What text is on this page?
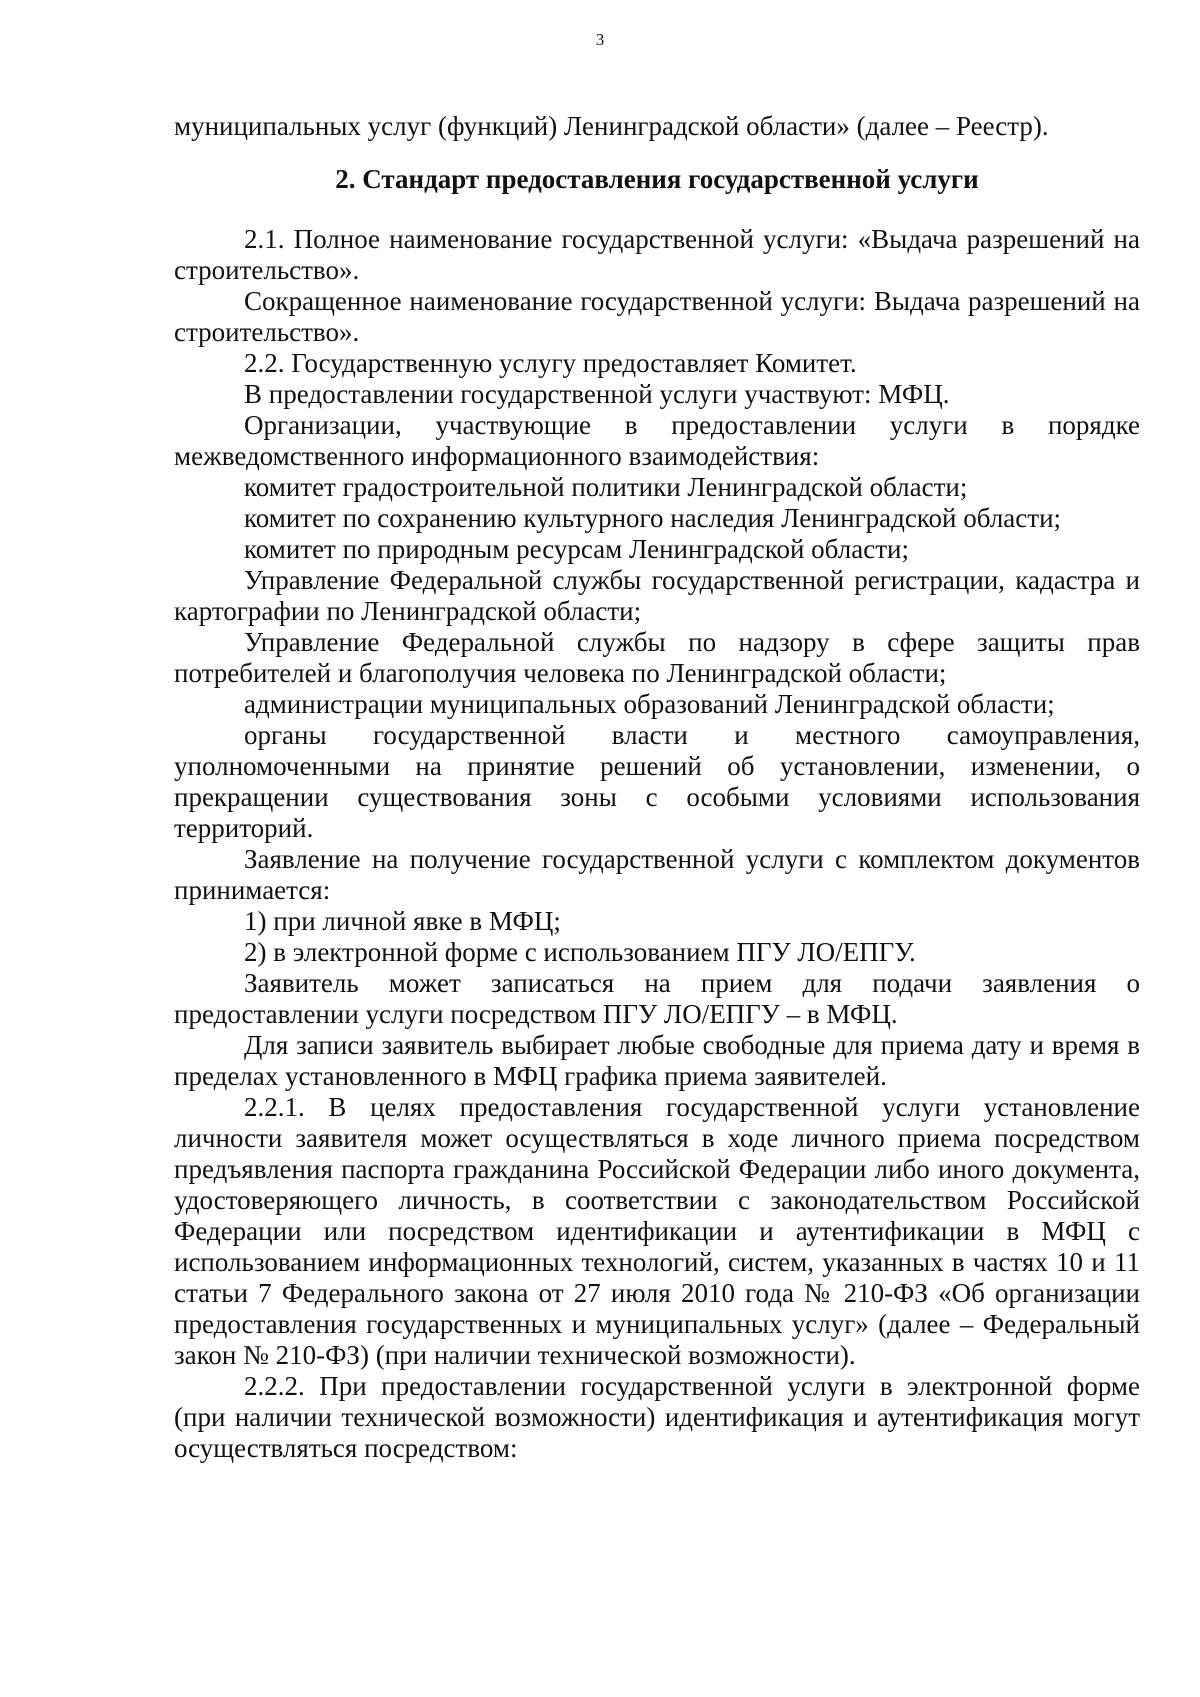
3

муниципальных услуг (функций) Ленинградской области» (далее – Реестр).

2. Стандарт предоставления государственной услуги

2.1. Полное наименование государственной услуги: «Выдача разрешений на строительство».

Сокращенное наименование государственной услуги: Выдача разрешений на строительство».

2.2. Государственную услугу предоставляет Комитет.

В предоставлении государственной услуги участвуют: МФЦ.

Организации, участвующие в предоставлении услуги в порядке межведомственного информационного взаимодействия:

комитет градостроительной политики Ленинградской области;

комитет по сохранению культурного наследия Ленинградской области;

комитет по природным ресурсам Ленинградской области;

Управление Федеральной службы государственной регистрации, кадастра и картографии по Ленинградской области;

Управление Федеральной службы по надзору в сфере защиты прав потребителей и благополучия человека по Ленинградской области;

администрации муниципальных образований Ленинградской области;

органы государственной власти и местного самоуправления, уполномоченными на принятие решений об установлении, изменении, о прекращении существования зоны с особыми условиями использования территорий.

Заявление на получение государственной услуги с комплектом документов принимается:

1) при личной явке в МФЦ;

2) в электронной форме с использованием ПГУ ЛО/ЕПГУ.

Заявитель может записаться на прием для подачи заявления о предоставлении услуги посредством ПГУ ЛО/ЕПГУ – в МФЦ.

Для записи заявитель выбирает любые свободные для приема дату и время в пределах установленного в МФЦ графика приема заявителей.

2.2.1. В целях предоставления государственной услуги установление личности заявителя может осуществляться в ходе личного приема посредством предъявления паспорта гражданина Российской Федерации либо иного документа, удостоверяющего личность, в соответствии с законодательством Российской Федерации или посредством идентификации и аутентификации в МФЦ с использованием информационных технологий, систем, указанных в частях 10 и 11 статьи 7 Федерального закона от 27 июля 2010 года № 210-ФЗ «Об организации предоставления государственных и муниципальных услуг» (далее – Федеральный закон № 210-ФЗ) (при наличии технической возможности).

2.2.2. При предоставлении государственной услуги в электронной форме (при наличии технической возможности) идентификация и аутентификация могут осуществляться посредством:
